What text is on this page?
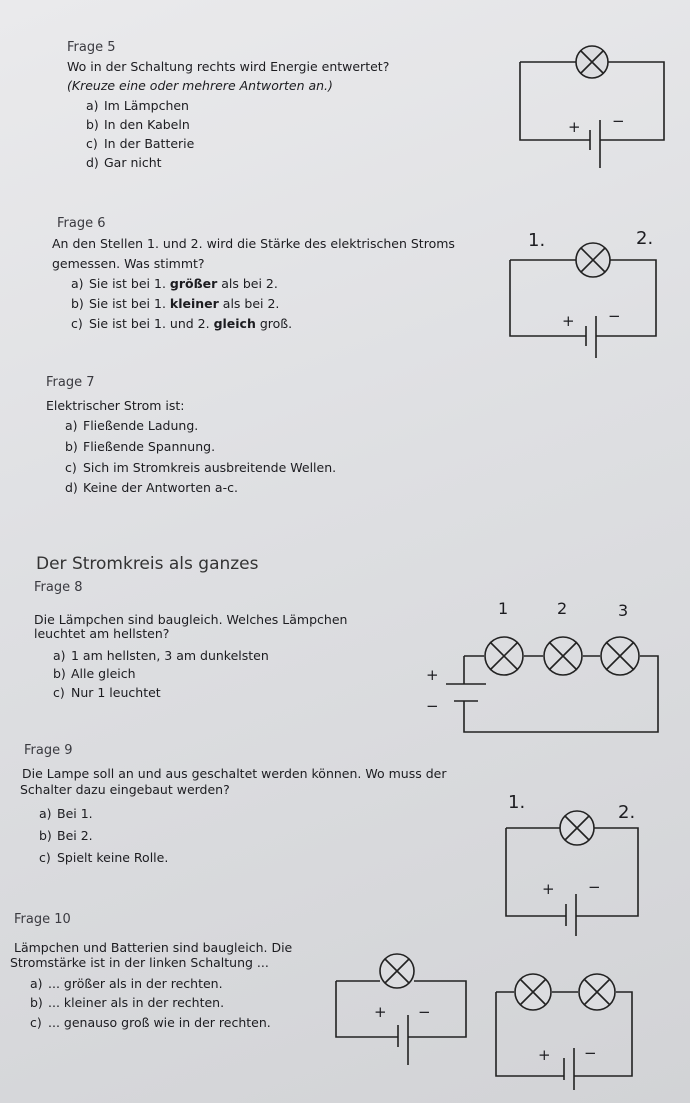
Frage 5
Wo in der Schaltung rechts wird Energie entwertet?
(Kreuze eine oder mehrere Antworten an.)
a) Im Lämpchen
b) In den Kabeln
c) In der Batterie
d) Gar nicht
+ −
Frage 6
An den Stellen 1. und 2. wird die Stärke des elektrischen Stroms
gemessen. Was stimmt?
a) Sie ist bei 1. größer als bei 2.
b) Sie ist bei 1. kleiner als bei 2.
c) Sie ist bei 1. und 2. gleich groß.
1.	2.
+ −
Frage 7
Elektrischer Strom ist:
a) Fließende Ladung.
b) Fließende Spannung.
c) Sich im Stromkreis ausbreitende Wellen.
d) Keine der Antworten a-c.
Der Stromkreis als ganzes
Frage 8
Die Lämpchen sind baugleich. Welches Lämpchen
leuchtet am hellsten?
a) 1 am hellsten, 3 am dunkelsten
b) Alle gleich
c) Nur 1 leuchtet
1	2	3
+
−
Frage 9
Die Lampe soll an und aus geschaltet werden können. Wo muss der
Schalter dazu eingebaut werden?
a) Bei 1.
b) Bei 2.
c) Spielt keine Rolle.
1.	2.
+ −
Frage 10
Lämpchen und Batterien sind baugleich. Die
Stromstärke ist in der linken Schaltung ...
a) ... größer als in der rechten.
b) ... kleiner als in der rechten.
c) ... genauso groß wie in der rechten.
+ −
+ −
